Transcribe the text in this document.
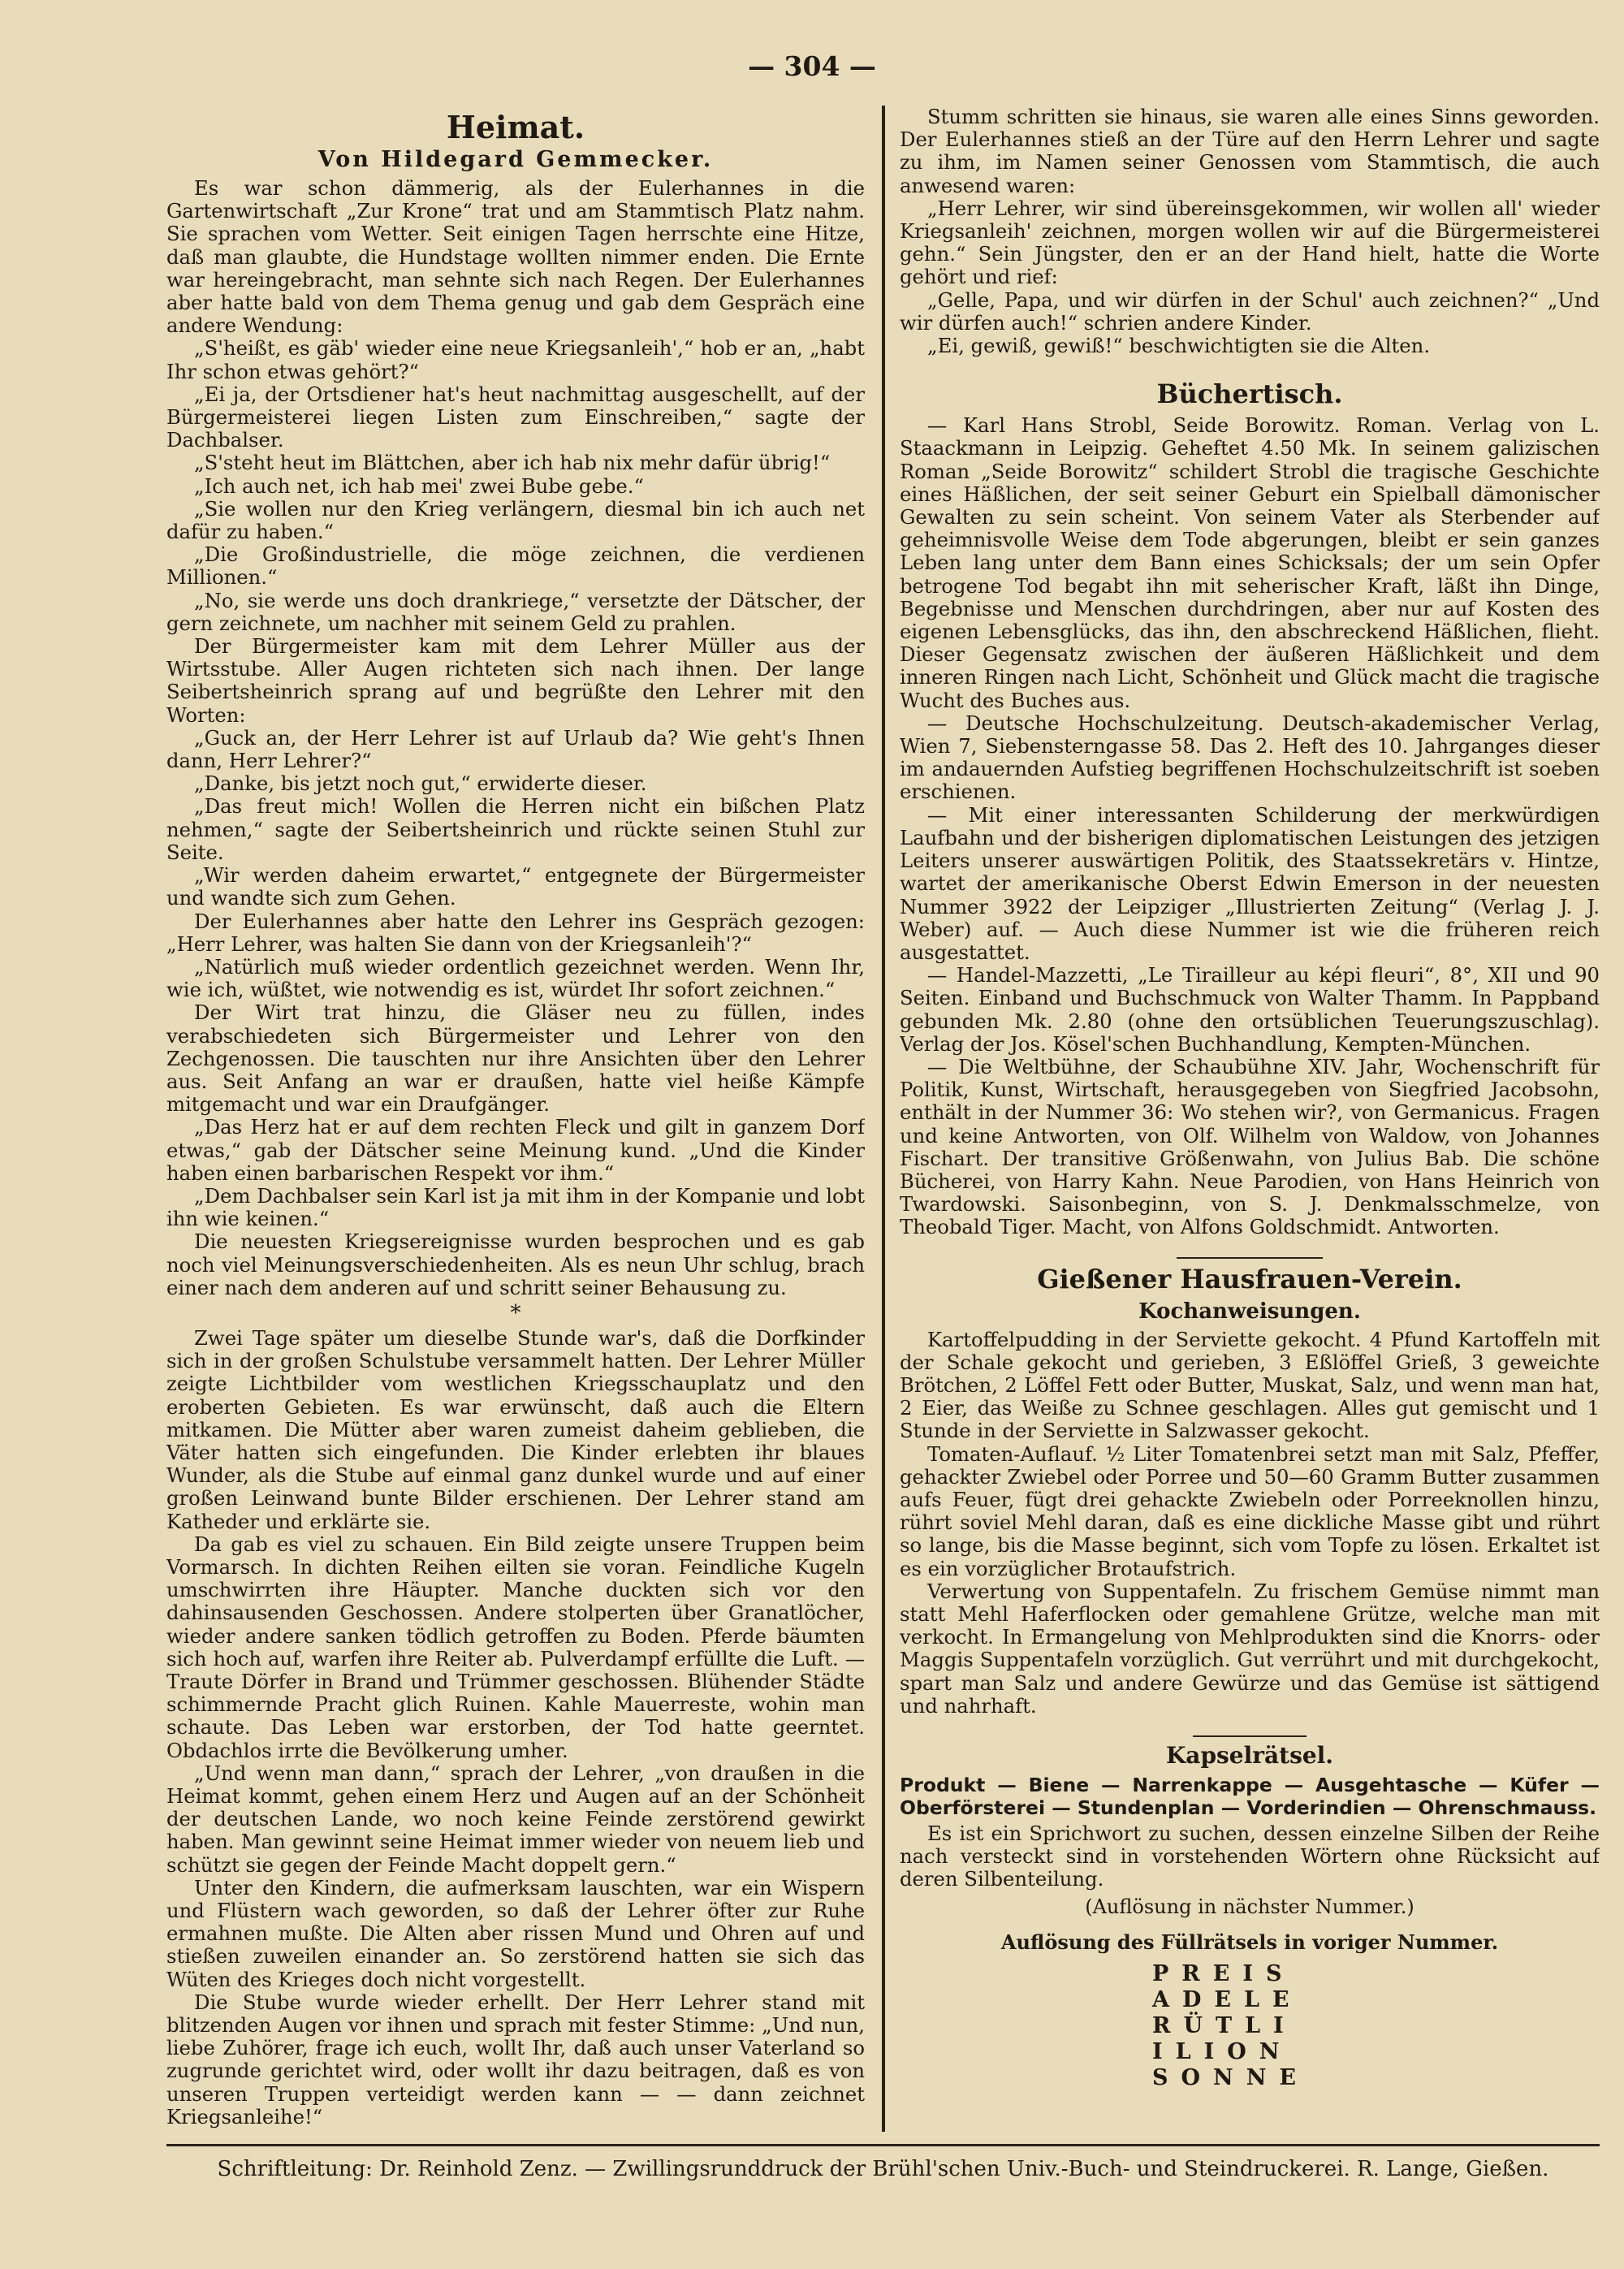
— 304 —
Heimat.
Von Hildegard Gemmecker.

Es war schon dämmerig, als der Eulerhannes in die Gartenwirtschaft „Zur Krone“ trat und am Stammtisch Platz nahm. Sie sprachen vom Wetter. Seit einigen Tagen herrschte eine Hitze, daß man glaubte, die Hundstage wollten nimmer enden. Die Ernte war hereingebracht, man sehnte sich nach Regen. Der Eulerhannes aber hatte bald von dem Thema genug und gab dem Gespräch eine andere Wendung:

„S'heißt, es gäb' wieder eine neue Kriegsanleih',“ hob er an, „habt Ihr schon etwas gehört?“

„Ei ja, der Ortsdiener hat's heut nachmittag ausgeschellt, auf der Bürgermeisterei liegen Listen zum Einschreiben,“ sagte der Dachbalser.

„S'steht heut im Blättchen, aber ich hab nix mehr dafür übrig!“

„Ich auch net, ich hab mei' zwei Bube gebe.“

„Sie wollen nur den Krieg verlängern, diesmal bin ich auch net dafür zu haben.“

„Die Großindustrielle, die möge zeichnen, die verdienen Millionen.“

„No, sie werde uns doch drankriege,“ versetzte der Dätscher, der gern zeichnete, um nachher mit seinem Geld zu prahlen.

Der Bürgermeister kam mit dem Lehrer Müller aus der Wirtsstube. Aller Augen richteten sich nach ihnen. Der lange Seibertsheinrich sprang auf und begrüßte den Lehrer mit den Worten:

„Guck an, der Herr Lehrer ist auf Urlaub da? Wie geht's Ihnen dann, Herr Lehrer?“

„Danke, bis jetzt noch gut,“ erwiderte dieser.

„Das freut mich! Wollen die Herren nicht ein bißchen Platz nehmen,“ sagte der Seibertsheinrich und rückte seinen Stuhl zur Seite.

„Wir werden daheim erwartet,“ entgegnete der Bürgermeister und wandte sich zum Gehen.

Der Eulerhannes aber hatte den Lehrer ins Gespräch gezogen: „Herr Lehrer, was halten Sie dann von der Kriegsanleih'?“

„Natürlich muß wieder ordentlich gezeichnet werden. Wenn Ihr, wie ich, wüßtet, wie notwendig es ist, würdet Ihr sofort zeichnen.“

Der Wirt trat hinzu, die Gläser neu zu füllen, indes verabschiedeten sich Bürgermeister und Lehrer von den Zechgenossen. Die tauschten nur ihre Ansichten über den Lehrer aus. Seit Anfang an war er draußen, hatte viel heiße Kämpfe mitgemacht und war ein Draufgänger.

„Das Herz hat er auf dem rechten Fleck und gilt in ganzem Dorf etwas,“ gab der Dätscher seine Meinung kund. „Und die Kinder haben einen barbarischen Respekt vor ihm.“

„Dem Dachbalser sein Karl ist ja mit ihm in der Kompanie und lobt ihn wie keinen.“

Die neuesten Kriegsereignisse wurden besprochen und es gab noch viel Meinungsverschiedenheiten. Als es neun Uhr schlug, brach einer nach dem anderen auf und schritt seiner Behausung zu.

*

Zwei Tage später um dieselbe Stunde war's, daß die Dorfkinder sich in der großen Schulstube versammelt hatten. Der Lehrer Müller zeigte Lichtbilder vom westlichen Kriegsschauplatz und den eroberten Gebieten. Es war erwünscht, daß auch die Eltern mitkamen. Die Mütter aber waren zumeist daheim geblieben, die Väter hatten sich eingefunden. Die Kinder erlebten ihr blaues Wunder, als die Stube auf einmal ganz dunkel wurde und auf einer großen Leinwand bunte Bilder erschienen. Der Lehrer stand am Katheder und erklärte sie.

Da gab es viel zu schauen. Ein Bild zeigte unsere Truppen beim Vormarsch. In dichten Reihen eilten sie voran. Feindliche Kugeln umschwirrten ihre Häupter. Manche duckten sich vor den dahinsausenden Geschossen. Andere stolperten über Granatlöcher, wieder andere sanken tödlich getroffen zu Boden. Pferde bäumten sich hoch auf, warfen ihre Reiter ab. Pulverdampf erfüllte die Luft. — Traute Dörfer in Brand und Trümmer geschossen. Blühender Städte schimmernde Pracht glich Ruinen. Kahle Mauerreste, wohin man schaute. Das Leben war erstorben, der Tod hatte geerntet. Obdachlos irrte die Bevölkerung umher.

„Und wenn man dann,“ sprach der Lehrer, „von draußen in die Heimat kommt, gehen einem Herz und Augen auf an der Schönheit der deutschen Lande, wo noch keine Feinde zerstörend gewirkt haben. Man gewinnt seine Heimat immer wieder von neuem lieb und schützt sie gegen der Feinde Macht doppelt gern.“

Unter den Kindern, die aufmerksam lauschten, war ein Wispern und Flüstern wach geworden, so daß der Lehrer öfter zur Ruhe ermahnen mußte. Die Alten aber rissen Mund und Ohren auf und stießen zuweilen einander an. So zerstörend hatten sie sich das Wüten des Krieges doch nicht vorgestellt.

Die Stube wurde wieder erhellt. Der Herr Lehrer stand mit blitzenden Augen vor ihnen und sprach mit fester Stimme: „Und nun, liebe Zuhörer, frage ich euch, wollt Ihr, daß auch unser Vaterland so zugrunde gerichtet wird, oder wollt ihr dazu beitragen, daß es von unseren Truppen verteidigt werden kann — — dann zeichnet Kriegsanleihe!“

Stumm schritten sie hinaus, sie waren alle eines Sinns geworden. Der Eulerhannes stieß an der Türe auf den Herrn Lehrer und sagte zu ihm, im Namen seiner Genossen vom Stammtisch, die auch anwesend waren:

„Herr Lehrer, wir sind übereinsgekommen, wir wollen all' wieder Kriegsanleih' zeichnen, morgen wollen wir auf die Bürgermeisterei gehn.“ Sein Jüngster, den er an der Hand hielt, hatte die Worte gehört und rief:

„Gelle, Papa, und wir dürfen in der Schul' auch zeichnen?“ „Und wir dürfen auch!“ schrien andere Kinder.

„Ei, gewiß, gewiß!“ beschwichtigten sie die Alten.

Büchertisch.

— Karl Hans Strobl, Seide Borowitz. Roman. Verlag von L. Staackmann in Leipzig. Geheftet 4.50 Mk. In seinem galizischen Roman „Seide Borowitz“ schildert Strobl die tragische Geschichte eines Häßlichen, der seit seiner Geburt ein Spielball dämonischer Gewalten zu sein scheint. Von seinem Vater als Sterbender auf geheimnisvolle Weise dem Tode abgerungen, bleibt er sein ganzes Leben lang unter dem Bann eines Schicksals; der um sein Opfer betrogene Tod begabt ihn mit seherischer Kraft, läßt ihn Dinge, Begebnisse und Menschen durchdringen, aber nur auf Kosten des eigenen Lebensglücks, das ihn, den abschreckend Häßlichen, flieht. Dieser Gegensatz zwischen der äußeren Häßlichkeit und dem inneren Ringen nach Licht, Schönheit und Glück macht die tragische Wucht des Buches aus.

— Deutsche Hochschulzeitung. Deutsch-akademischer Verlag, Wien 7, Siebensterngasse 58. Das 2. Heft des 10. Jahrganges dieser im andauernden Aufstieg begriffenen Hochschulzeitschrift ist soeben erschienen.

— Mit einer interessanten Schilderung der merkwürdigen Laufbahn und der bisherigen diplomatischen Leistungen des jetzigen Leiters unserer auswärtigen Politik, des Staatssekretärs v. Hintze, wartet der amerikanische Oberst Edwin Emerson in der neuesten Nummer 3922 der Leipziger „Illustrierten Zeitung“ (Verlag J. J. Weber) auf. — Auch diese Nummer ist wie die früheren reich ausgestattet.

— Handel-Mazzetti, „Le Tirailleur au képi fleuri“, 8°, XII und 90 Seiten. Einband und Buchschmuck von Walter Thamm. In Pappband gebunden Mk. 2.80 (ohne den ortsüblichen Teuerungszuschlag). Verlag der Jos. Kösel'schen Buchhandlung, Kempten-München.

— Die Weltbühne, der Schaubühne XIV. Jahr, Wochenschrift für Politik, Kunst, Wirtschaft, herausgegeben von Siegfried Jacobsohn, enthält in der Nummer 36: Wo stehen wir?, von Germanicus. Fragen und keine Antworten, von Olf. Wilhelm von Waldow, von Johannes Fischart. Der transitive Größenwahn, von Julius Bab. Die schöne Bücherei, von Harry Kahn. Neue Parodien, von Hans Heinrich von Twardowski. Saisonbeginn, von S. J. Denkmalsschmelze, von Theobald Tiger. Macht, von Alfons Goldschmidt. Antworten.

Gießener Hausfrauen-Verein.
Kochanweisungen.

Kartoffelpudding in der Serviette gekocht. 4 Pfund Kartoffeln mit der Schale gekocht und gerieben, 3 Eßlöffel Grieß, 3 geweichte Brötchen, 2 Löffel Fett oder Butter, Muskat, Salz, und wenn man hat, 2 Eier, das Weiße zu Schnee geschlagen. Alles gut gemischt und 1 Stunde in der Serviette in Salzwasser gekocht.

Tomaten-Auflauf. ½ Liter Tomatenbrei setzt man mit Salz, Pfeffer, gehackter Zwiebel oder Porree und 50—60 Gramm Butter zusammen aufs Feuer, fügt drei gehackte Zwiebeln oder Porreeknollen hinzu, rührt soviel Mehl daran, daß es eine dickliche Masse gibt und rührt so lange, bis die Masse beginnt, sich vom Topfe zu lösen. Erkaltet ist es ein vorzüglicher Brotaufstrich.

Verwertung von Suppentafeln. Zu frischem Gemüse nimmt man statt Mehl Haferflocken oder gemahlene Grütze, welche man mit verkocht. In Ermangelung von Mehlprodukten sind die Knorrs- oder Maggis Suppentafeln vorzüglich. Gut verrührt und mit durchgekocht, spart man Salz und andere Gewürze und das Gemüse ist sättigend und nahrhaft.

Kapselrätsel.
Produkt — Biene — Narrenkappe — Ausgehtasche — Küfer — Oberförsterei — Stundenplan — Vorderindien — Ohrenschmauss.

Es ist ein Sprichwort zu suchen, dessen einzelne Silben der Reihe nach versteckt sind in vorstehenden Wörtern ohne Rücksicht auf deren Silbenteilung.

(Auflösung in nächster Nummer.)
Auflösung des Füllrätsels in voriger Nummer.
PREIS
ADELE
RÜTLI
ILION
SONNE
Schriftleitung: Dr. Reinhold Zenz. — Zwillingsrunddruck der Brühl'schen Univ.-Buch- und Steindruckerei. R. Lange, Gießen.
